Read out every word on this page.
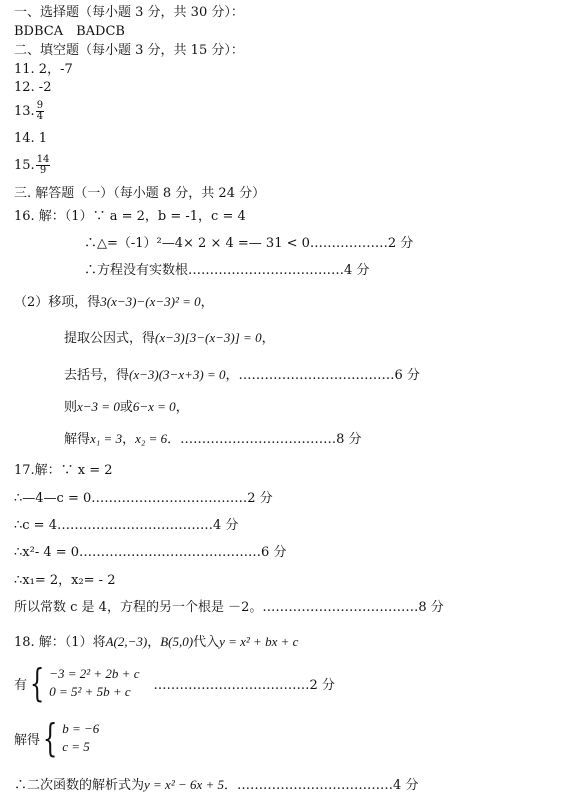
一、选择题（每小题 3 分，共 30 分）：
BDBCA　BADCB
二、填空题（每小题 3 分，共 15 分）：
11. 2，-7
12. -2
13. $\frac{9}{4}$
14. 1
15. $\frac{14}{9}$
三. 解答题（一）（每小题 8 分，共 24 分）
16. 解：（1）∵ a = 2，b = -1，c = 4
∴△=（-1）²—4× 2 × 4 =— 31 < 0………………2 分
∴方程没有实数根………………………………4 分
（2）移项，得3(x−3)−(x−3)² = 0，
提取公因式，得(x−3)[3−(x−3)] = 0，
去括号，得(x−3)(3−x+3) = 0，………………………………6 分
则x−3 = 0或6−x = 0，
解得x₁ = 3，x₂ = 6．………………………………8 分
17.解：∵ x = 2
∴—4—c = 0………………………………2 分
∴c = 4………………………………4 分
∴x²- 4 = 0……………………………………6 分
∴x₁= 2，x₂= - 2
所以常数 c 是 4，方程的另一个根是 －2。………………………………8 分
18. 解：（1）将A(2,−3)，B(5,0)代入y = x² + bx + c
有 { −3 = 2² + 2b + c
0 = 5² + 5b + c	………………………………2 分
解得 { b = −6
c = 5
∴二次函数的解析式为y = x² − 6x + 5．………………………………4 分
